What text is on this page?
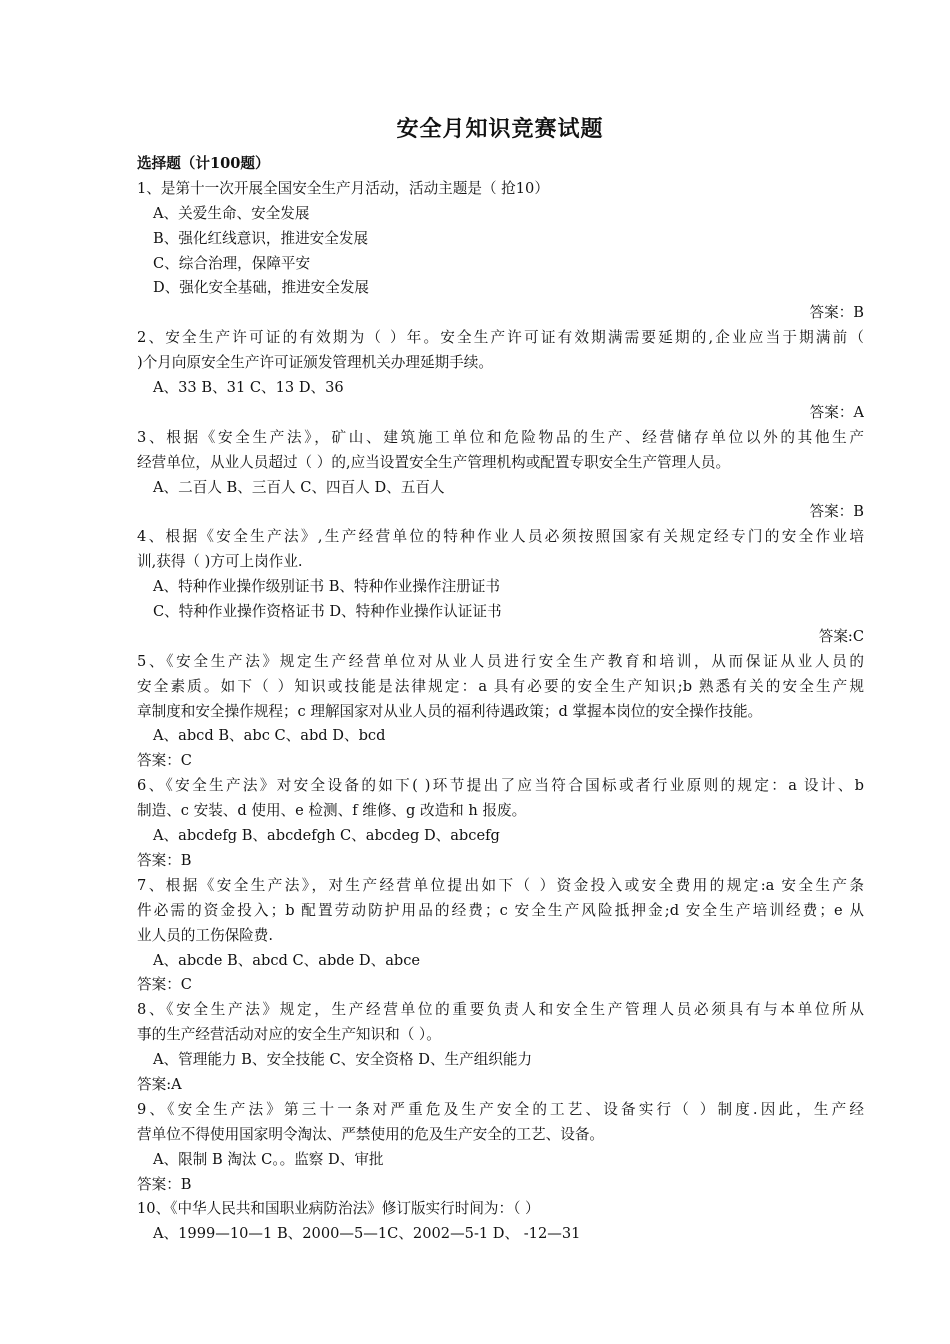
安全月知识竞赛试题
选择题（计100题）
1、是第十一次开展全国安全生产月活动，活动主题是（ 抢10）
A、关爱生命、安全发展
B、强化红线意识，推进安全发展
C、综合治理，保障平安
D、强化安全基础，推进安全发展
答案：B
2、安全生产许可证的有效期为（ ）年。安全生产许可证有效期满需要延期的,企业应当于期满前（
)个月向原安全生产许可证颁发管理机关办理延期手续。
A、33 B、31 C、13 D、36
答案：A
3、根据《安全生产法》，矿山、建筑施工单位和危险物品的生产、经营储存单位以外的其他生产
经营单位，从业人员超过（ ）的,应当设置安全生产管理机构或配置专职安全生产管理人员。
A、二百人 B、三百人 C、四百人 D、五百人
答案：B
4、根据《安全生产法》,生产经营单位的特种作业人员必须按照国家有关规定经专门的安全作业培
训,获得（ )方可上岗作业.
A、特种作业操作级别证书 B、特种作业操作注册证书
C、特种作业操作资格证书 D、特种作业操作认证证书
答案:C
5、《安全生产法》规定生产经营单位对从业人员进行安全生产教育和培训，从而保证从业人员的
安全素质。如下（ ）知识或技能是法律规定：a 具有必要的安全生产知识;b 熟悉有关的安全生产规
章制度和安全操作规程；c 理解国家对从业人员的福利待遇政策；d 掌握本岗位的安全操作技能。
A、abcd B、abc C、abd D、bcd
答案：C
6、《安全生产法》对安全设备的如下( )环节提出了应当符合国标或者行业原则的规定：a 设计、b
制造、c 安装、d 使用、e 检测、f 维修、g 改造和 h 报废。
A、abcdefg B、abcdefgh C、abcdeg D、abcefg
答案：B
7、根据《安全生产法》，对生产经营单位提出如下（ ）资金投入或安全费用的规定:a 安全生产条
件必需的资金投入；b 配置劳动防护用品的经费；c 安全生产风险抵押金;d 安全生产培训经费；e 从
业人员的工伤保险费.
A、abcde B、abcd C、abde D、abce
答案：C
8、《安全生产法》规定，生产经营单位的重要负责人和安全生产管理人员必须具有与本单位所从
事的生产经营活动对应的安全生产知识和（ ）。
A、管理能力 B、安全技能 C、安全资格 D、生产组织能力
答案:A
9、《安全生产法》第三十一条对严重危及生产安全的工艺、设备实行（ ）制度.因此，生产经
营单位不得使用国家明令淘汰、严禁使用的危及生产安全的工艺、设备。
A、限制 B 淘汰 C。。监察 D、审批
答案：B
10、《中华人民共和国职业病防治法》修订版实行时间为：（ ）
A、1999—10—1 B、2000—5—1C、2002—5-1 D、 -12—31
